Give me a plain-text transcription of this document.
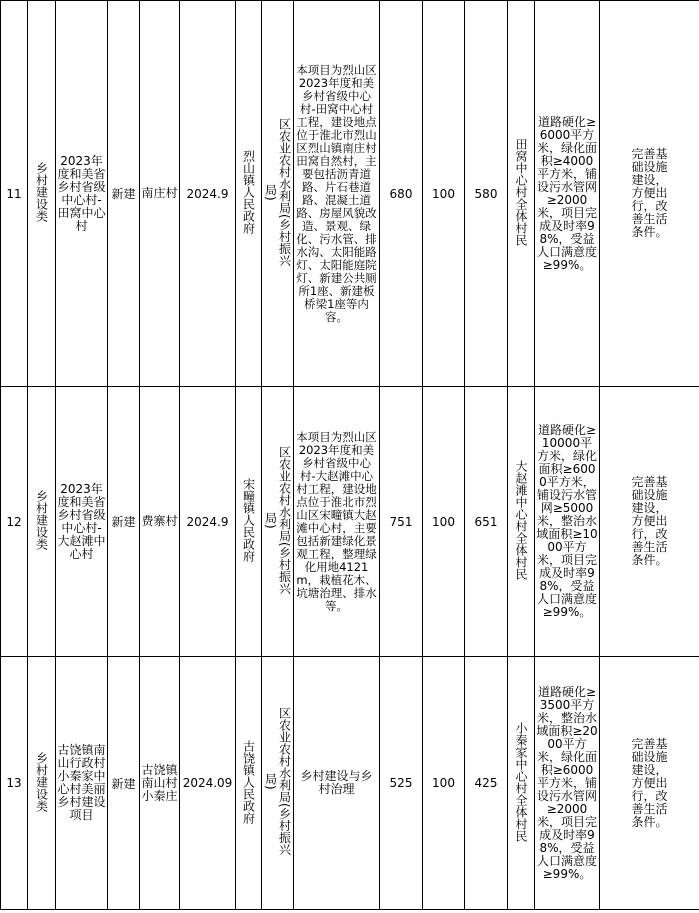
11	乡村建设类	2023年度和美省乡村省级中心村-田窝中心村	新建	南庄村	2024.9	烈山镇人民政府	区农业农村水利局(乡村振兴局)	本项目为烈山区2023年度和美乡村省级中心村-田窝中心村工程，建设地点位于淮北市烈山区烈山镇南庄村田窝自然村，主要包括沥青道路、片石巷道路、混凝土道路、房屋风貌改造、景观、绿化、污水管、排水沟、太阳能路灯、太阳能庭院灯、新建公共厕所1座、新建板桥梁1座等内容。	680	100	580	田窝中心村全体村民	道路硬化≥6000平方米，绿化面积≥4000平方米，铺设污水管网≥2000米，项目完成及时率98%，受益人口满意度≥99%。	完善基础设施建设，方便出行，改善生活条件。
12	乡村建设类	2023年度和美省乡村省级中心村-大赵滩中心村	新建	费寨村	2024.9	宋疃镇人民政府	区农业农村水利局(乡村振兴局)	本项目为烈山区2023年度和美乡村省级中心村-大赵滩中心村工程，建设地点位于淮北市烈山区宋疃镇大赵滩中心村，主要包括新建绿化景观工程，整理绿化用地4121m，栽植花木、坑塘治理、排水等。	751	100	651	大赵滩中心村全体村民	道路硬化≥10000平方米，绿化面积≥6000平方米，铺设污水管网≥5000米，整治水域面积≥1000平方米，项目完成及时率98%，受益人口满意度≥99%。	完善基础设施建设，方便出行，改善生活条件。
13	乡村建设类	古饶镇南山行政村小秦家中心村美丽乡村建设项目	新建	古饶镇南山村小秦庄	2024.09	古饶镇人民政府	区农业农村水利局(乡村振兴局)	乡村建设与乡村治理	525	100	425	小秦家中心村全体村民	道路硬化≥3500平方米，整治水域面积≥2000平方米，绿化面积≥6000平方米，铺设污水管网≥2000米，项目完成及时率98%，受益人口满意度≥99%。	完善基础设施建设，方便出行，改善生活条件。
